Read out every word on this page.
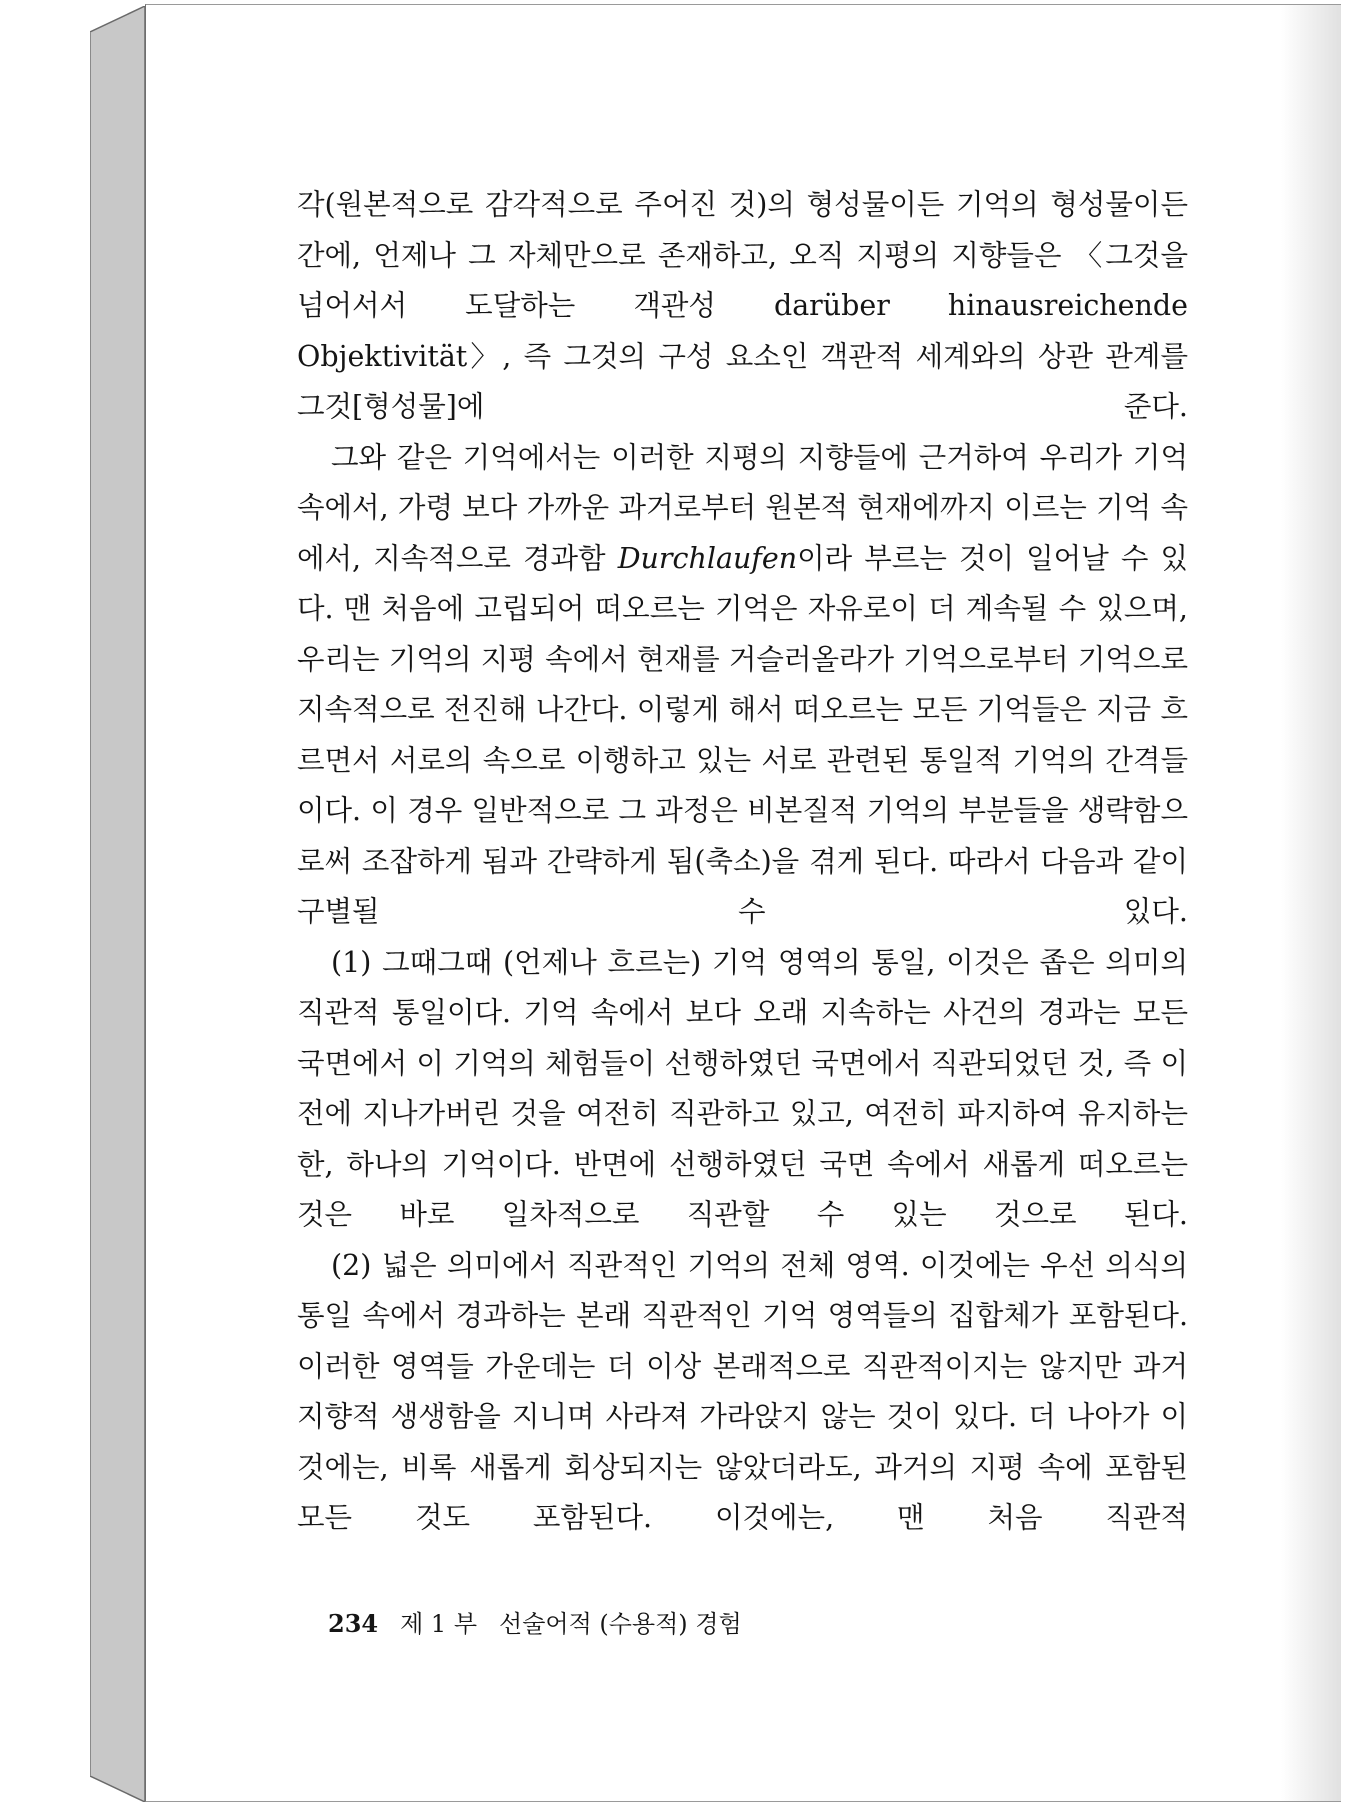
각(원본적으로 감각적으로 주어진 것)의 형성물이든 기억의 형성물이든 간에, 언제나 그 자체만으로 존재하고, 오직 지평의 지향들은 〈그것을 넘어서서 도달하는 객관성 darüber hinausreichende Objektivität〉, 즉 그것의 구성 요소인 객관적 세계와의 상관 관계를 그것[형성물]에 준다.

그와 같은 기억에서는 이러한 지평의 지향들에 근거하여 우리가 기억 속에서, 가령 보다 가까운 과거로부터 원본적 현재에까지 이르는 기억 속에서, 지속적으로 경과함 Durchlaufen이라 부르는 것이 일어날 수 있다. 맨 처음에 고립되어 떠오르는 기억은 자유로이 더 계속될 수 있으며, 우리는 기억의 지평 속에서 현재를 거슬러올라가 기억으로부터 기억으로 지속적으로 전진해 나간다. 이렇게 해서 떠오르는 모든 기억들은 지금 흐르면서 서로의 속으로 이행하고 있는 서로 관련된 통일적 기억의 간격들이다. 이 경우 일반적으로 그 과정은 비본질적 기억의 부분들을 생략함으로써 조잡하게 됨과 간략하게 됨(축소)을 겪게 된다. 따라서 다음과 같이 구별될 수 있다.

(1) 그때그때 (언제나 흐르는) 기억 영역의 통일, 이것은 좁은 의미의 직관적 통일이다. 기억 속에서 보다 오래 지속하는 사건의 경과는 모든 국면에서 이 기억의 체험들이 선행하였던 국면에서 직관되었던 것, 즉 이전에 지나가버린 것을 여전히 직관하고 있고, 여전히 파지하여 유지하는 한, 하나의 기억이다. 반면에 선행하였던 국면 속에서 새롭게 떠오르는 것은 바로 일차적으로 직관할 수 있는 것으로 된다.

(2) 넓은 의미에서 직관적인 기억의 전체 영역. 이것에는 우선 의식의 통일 속에서 경과하는 본래 직관적인 기억 영역들의 집합체가 포함된다. 이러한 영역들 가운데는 더 이상 본래적으로 직관적이지는 않지만 과거 지향적 생생함을 지니며 사라져 가라앉지 않는 것이 있다. 더 나아가 이것에는, 비록 새롭게 회상되지는 않았더라도, 과거의 지평 속에 포함된 모든 것도 포함된다. 이것에는, 맨 처음 직관적

234 제 1 부 선술어적 (수용적) 경험
